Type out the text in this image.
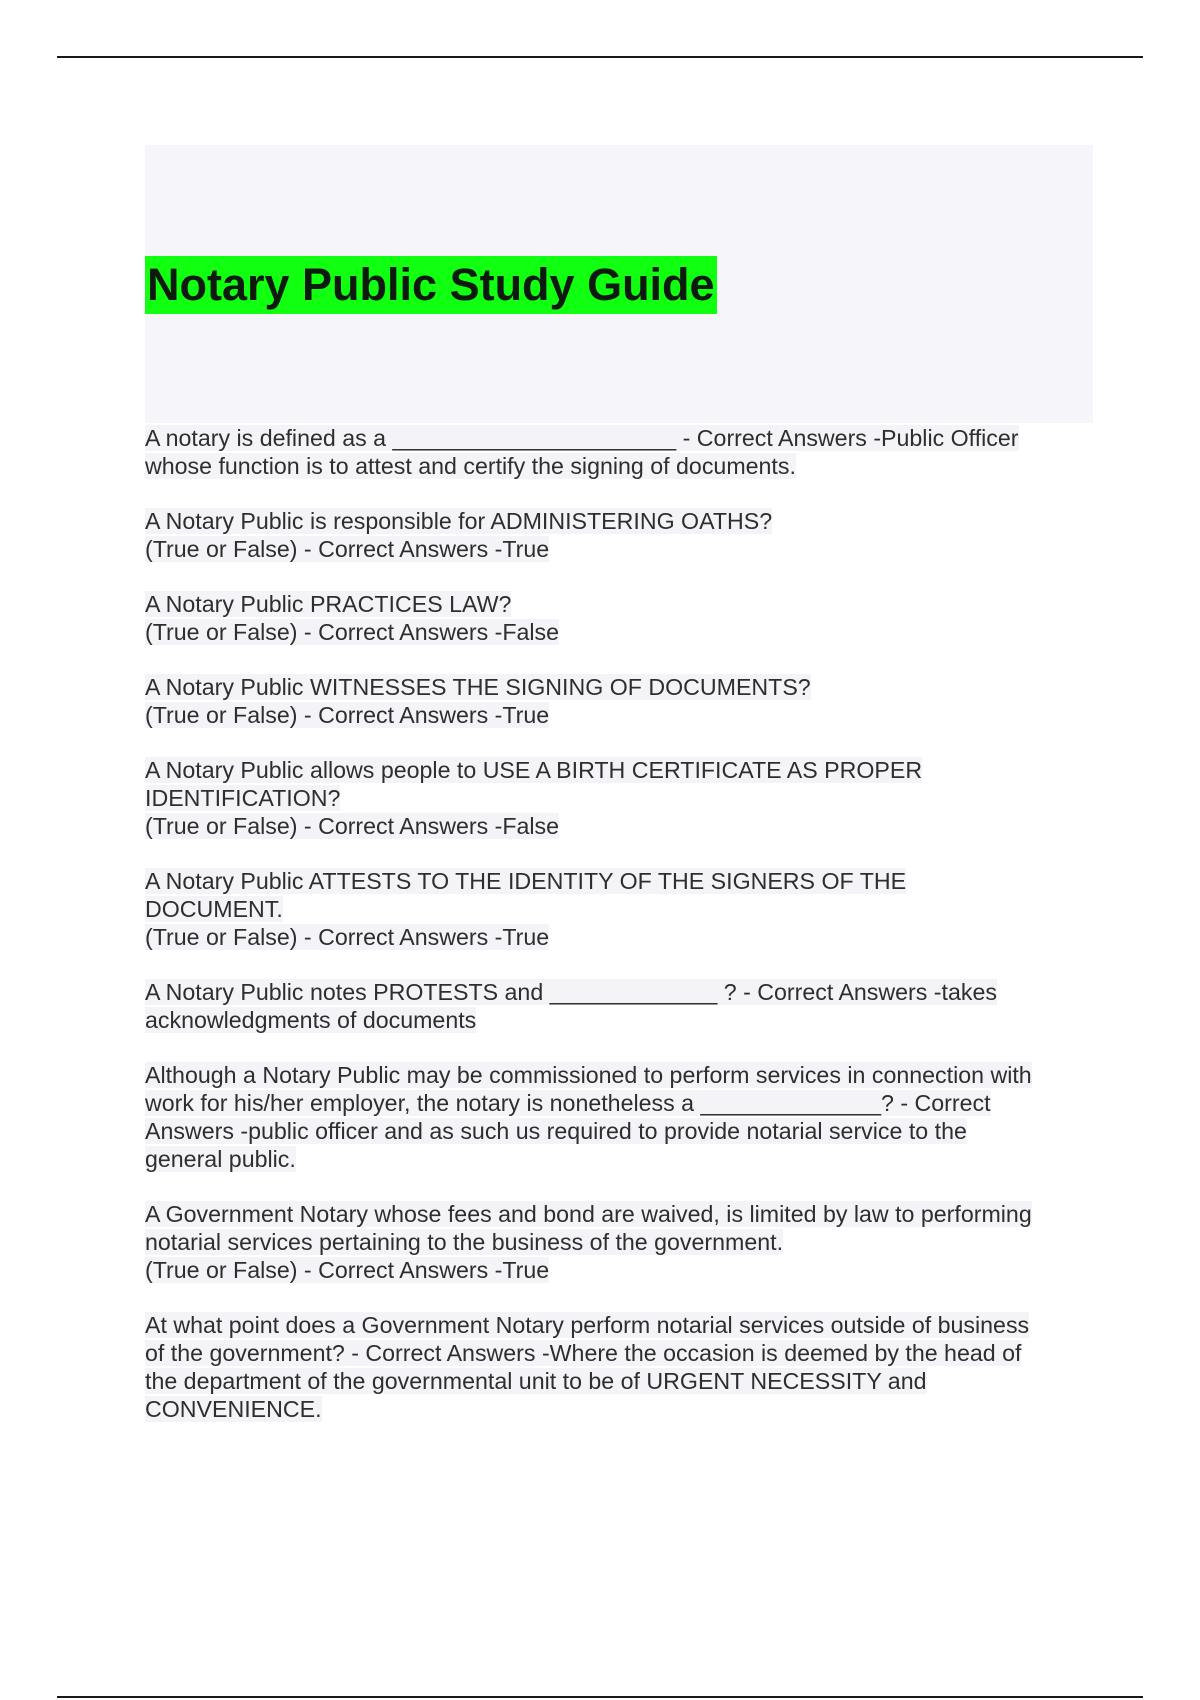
Notary Public Study Guide

A notary is defined as a ______________________ - Correct Answers -Public Officer

whose function is to attest and certify the signing of documents.

A Notary Public is responsible for ADMINISTERING OATHS?

(True or False) - Correct Answers -True

A Notary Public PRACTICES LAW?

(True or False) - Correct Answers -False

A Notary Public WITNESSES THE SIGNING OF DOCUMENTS?

(True or False) - Correct Answers -True

A Notary Public allows people to USE A BIRTH CERTIFICATE AS PROPER

IDENTIFICATION?

(True or False) - Correct Answers -False

A Notary Public ATTESTS TO THE IDENTITY OF THE SIGNERS OF THE

DOCUMENT.

(True or False) - Correct Answers -True

A Notary Public notes PROTESTS and _____________ ? - Correct Answers -takes

acknowledgments of documents

Although a Notary Public may be commissioned to perform services in connection with

work for his/her employer, the notary is nonetheless a ______________? - Correct

Answers -public officer and as such us required to provide notarial service to the

general public.

A Government Notary whose fees and bond are waived, is limited by law to performing

notarial services pertaining to the business of the government.

(True or False) - Correct Answers -True

At what point does a Government Notary perform notarial services outside of business

of the government? - Correct Answers -Where the occasion is deemed by the head of

the department of the governmental unit to be of URGENT NECESSITY and

CONVENIENCE.
